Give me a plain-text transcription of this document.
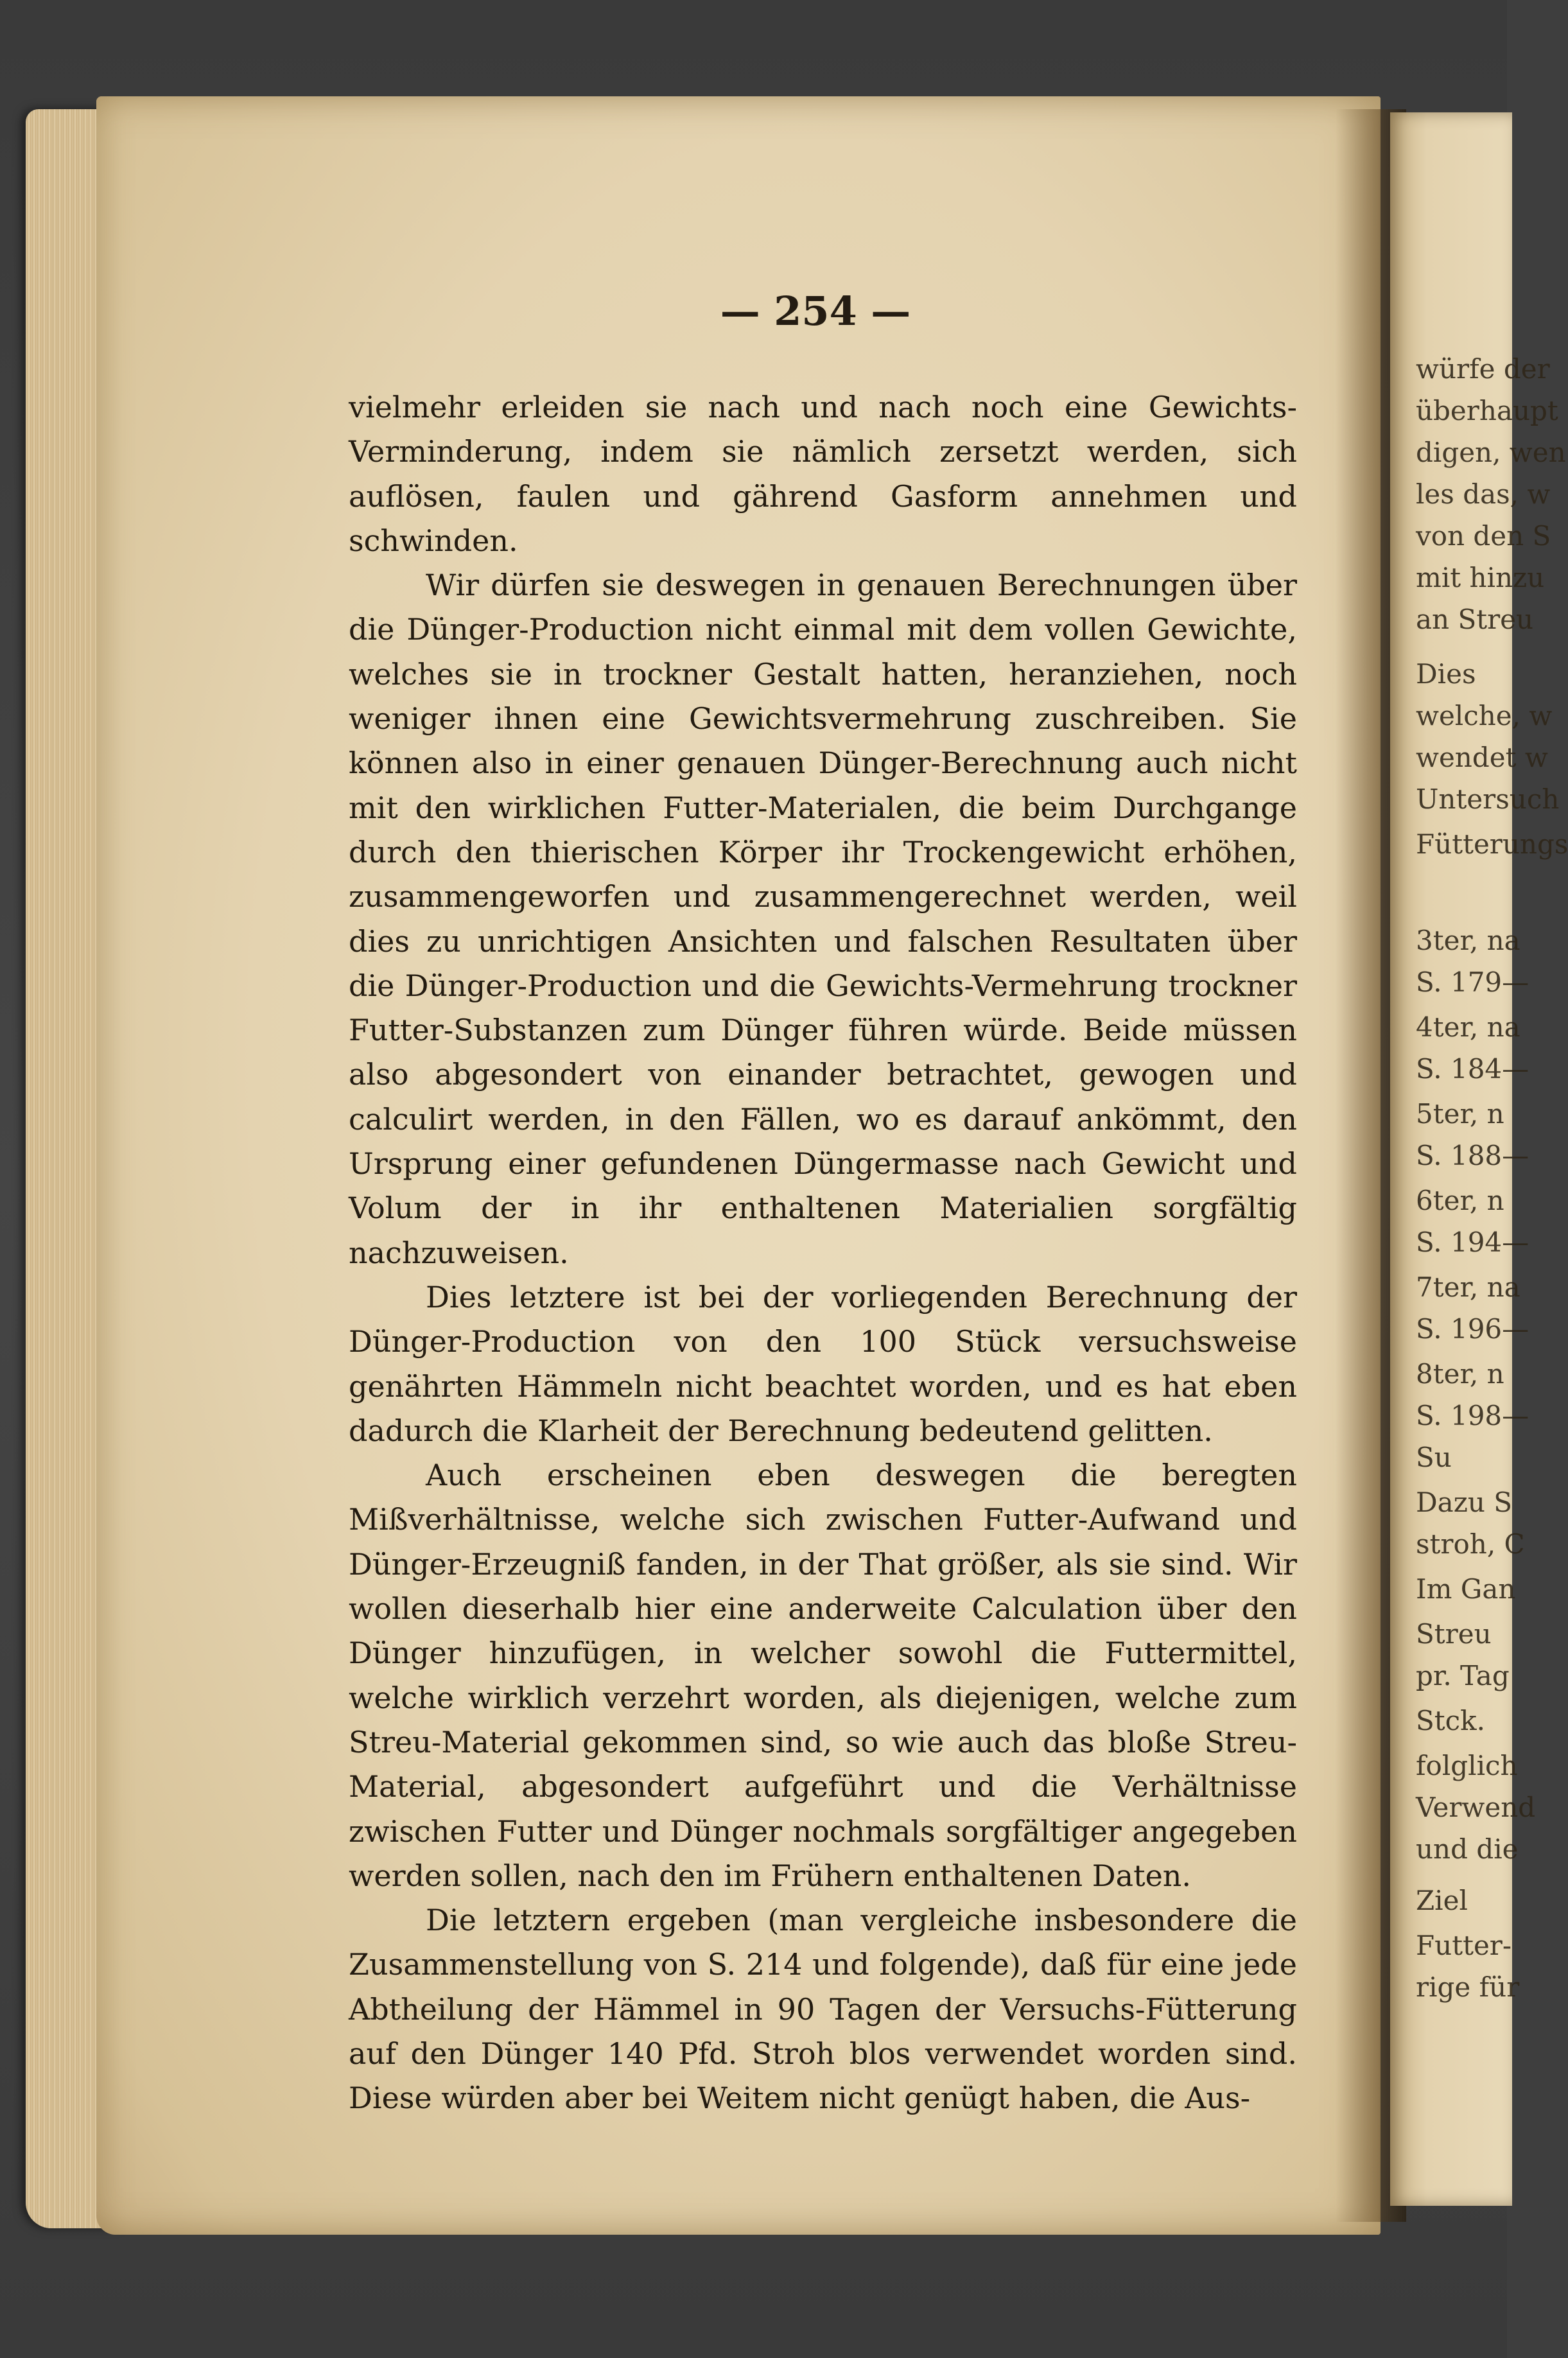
würfe der
überhaupt
digen, wen
les das, w
von den S
mit hinzu
an Streu
Dies
welche, w
wendet w
Untersuch
Fütterungs
3ter, na
S. 179—
4ter, na
S. 184—
5ter, n
S. 188—
6ter, n
S. 194—
7ter, na
S. 196—
8ter, n
S. 198—
Su
Dazu S
stroh, C
Im Gan
Streu
pr. Tag
Stck.
folglich
Verwend
und die
Ziel
Futter-
rige für
— 254 —

vielmehr erleiden sie nach und nach noch eine Gewichts-Verminderung, indem sie nämlich zersetzt werden, sich auflösen, faulen und gährend Gasform annehmen und schwinden.

Wir dürfen sie deswegen in genauen Berechnungen über die Dünger-Production nicht einmal mit dem vollen Gewichte, welches sie in trockner Gestalt hatten, heranziehen, noch weniger ihnen eine Gewichtsvermehrung zuschreiben. Sie können also in einer genauen Dünger-Berechnung auch nicht mit den wirklichen Futter-Materialen, die beim Durchgange durch den thierischen Körper ihr Trockengewicht erhöhen, zusammengeworfen und zusammengerechnet werden, weil dies zu unrichtigen Ansichten und falschen Resultaten über die Dünger-Production und die Gewichts-Vermehrung trockner Futter-Substanzen zum Dünger führen würde. Beide müssen also abgesondert von einander betrachtet, gewogen und calculirt werden, in den Fällen, wo es darauf ankömmt, den Ursprung einer gefundenen Düngermasse nach Gewicht und Volum der in ihr enthaltenen Materialien sorgfältig nachzuweisen.

Dies letztere ist bei der vorliegenden Berechnung der Dünger-Production von den 100 Stück versuchsweise genährten Hämmeln nicht beachtet worden, und es hat eben dadurch die Klarheit der Berechnung bedeutend gelitten.

Auch erscheinen eben deswegen die beregten Mißverhältnisse, welche sich zwischen Futter-Aufwand und Dünger-Erzeugniß fanden, in der That größer, als sie sind. Wir wollen dieserhalb hier eine anderweite Calculation über den Dünger hinzufügen, in welcher sowohl die Futtermittel, welche wirklich verzehrt worden, als diejenigen, welche zum Streu-Material gekommen sind, so wie auch das bloße Streu-Material, abgesondert aufgeführt und die Verhältnisse zwischen Futter und Dünger nochmals sorgfältiger angegeben werden sollen, nach den im Frühern enthaltenen Daten.

Die letztern ergeben (man vergleiche insbesondere die Zusammenstellung von S. 214 und folgende), daß für eine jede Abtheilung der Hämmel in 90 Tagen der Versuchs-Fütterung auf den Dünger 140 Pfd. Stroh blos verwendet worden sind. Diese würden aber bei Weitem nicht genügt haben, die Aus-
